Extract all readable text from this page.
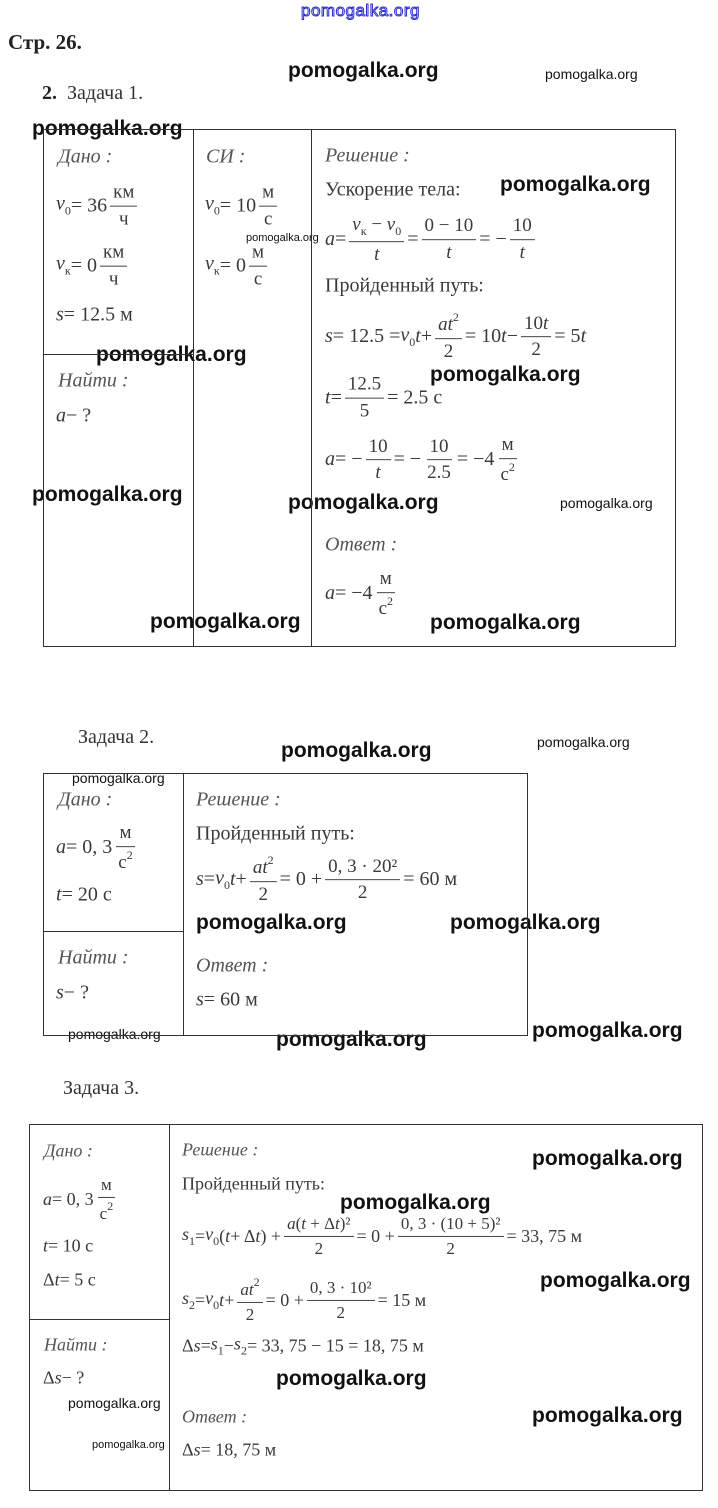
pomogalka.org
pomogalka.org	pomogalka.org
pomogalka.org
pomogalka.org
pomogalka.org
pomogalka.org
pomogalka.org
pomogalka.org	pomogalka.org	pomogalka.org
pomogalka.org	pomogalka.org
pomogalka.org	pomogalka.org
pomogalka.org
pomogalka.org	pomogalka.org
pomogalka.org	pomogalka.org	pomogalka.org
pomogalka.org
pomogalka.org
pomogalka.org
pomogalka.org
pomogalka.org
pomogalka.org
pomogalka.org
Стр. 26.
2. Задача 1.
Дано :
$v_0 = 36 \frac{км}{ч}$
$v_к = 0 \frac{км}{ч}$
s = 12.5 м
Найти :
a − ?
СИ :
$v_0 = 10 \frac{м}{с}$
$v_к = 0 \frac{м}{с}$
Решение :
Ускорение тела:
$a = \frac{v_к - v_0}{t} = \frac{0 - 10}{t}$ = − $\frac{10}{t}$
Пройденный путь:
$s = 12.5 = v_0$ $t + \frac{at^2}{2} = 10$ $t - \frac{10t}{2} = 5$ t
$t = \frac{12.5}{5} = 2.5$ с
a = − $\frac{10}{t}$ = − $\frac{10}{2.5} = -4 \frac{м}{с^2}$
Ответ :
$a = -4 \frac{м}{с^2}$
Задача 2.
Дано :
a = 0, $3 \frac{м}{с^2}$
t = 20 с
Найти :
s − ?
Решение :
Пройденный путь:
$s = v_0$ $t + \frac{at^2}{2} = 0 + \frac{\text{0, 3 · 20²}}{2} = 60$ м
Ответ :
s = 60 м
Задача 3.
Дано :
a = 0, $3 \frac{м}{с^2}$
t = 10 с
Δ t = 5 с
Найти :
Δ s − ?
Решение :
Пройденный путь:
$s_1 = v_0$ ( t + Δ t ) + $\frac{\text{a(t + Δt)²}}{2} = 0 + \frac{\text{0, 3 · (10 + 5)²}}{2} = 33$, 75 м
$s_2 = v_0$ $t + \frac{at^2}{2} = 0 + \frac{\text{0, 3 · 10²}}{2} = 15$ м
Δ $s = s_1 - s_2 = 33$, 75 − 15 = 18, 75 м
Ответ :
Δ s = 18, 75 м
